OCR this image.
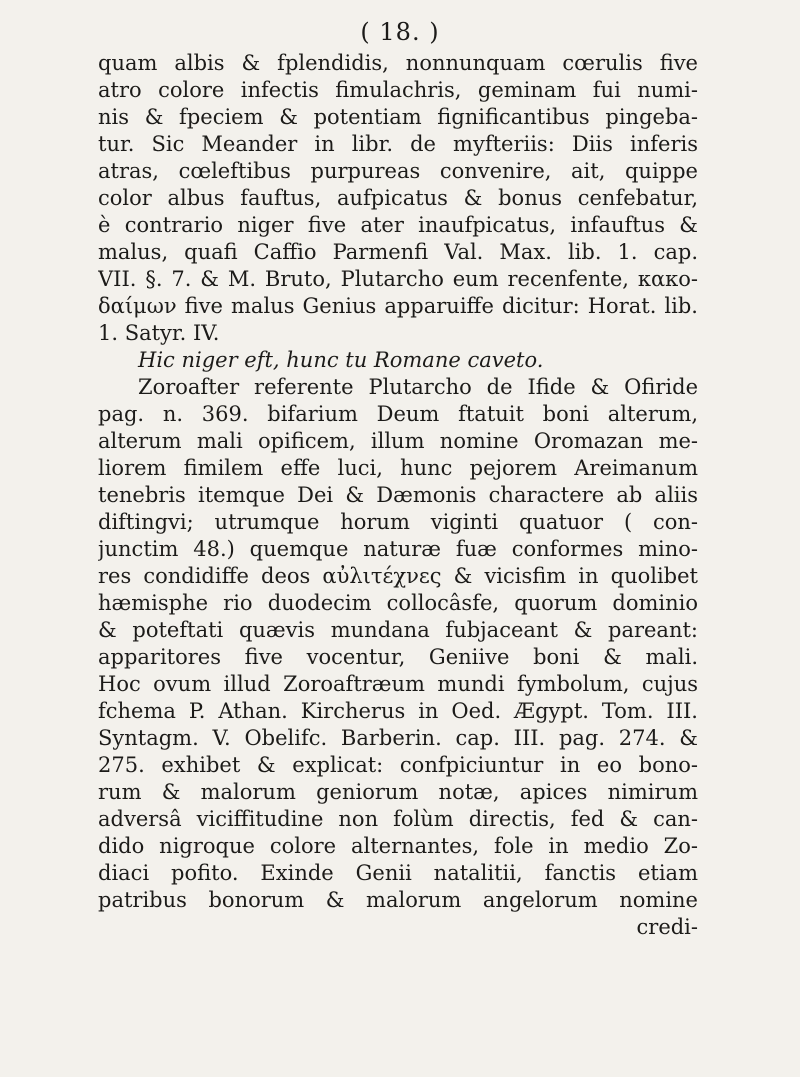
( 18. )
quam albis & fplendidis, nonnunquam cœrulis five
atro colore infectis fimulachris, geminam fui numi-
nis & fpeciem & potentiam fignificantibus pingeba-
tur. Sic Meander in libr. de myfteriis: Diis inferis
atras, cœleftibus purpureas convenire, ait, quippe
color albus fauftus, aufpicatus & bonus cenfebatur,
è contrario niger five ater inaufpicatus, infauftus &
malus, quafi Caffio Parmenfi Val. Max. lib. 1. cap.
VII. §. 7. & M. Bruto, Plutarcho eum recenfente, κακο-
δαίμων five malus Genius apparuiffe dicitur: Horat. lib.
1. Satyr. IV.
Hic niger eft, hunc tu Romane caveto.
Zoroafter referente Plutarcho de Ifide & Ofiride
pag. n. 369. bifarium Deum ftatuit boni alterum,
alterum mali opificem, illum nomine Oromazan me-
liorem fimilem effe luci, hunc pejorem Areimanum
tenebris itemque Dei & Dæmonis charactere ab aliis
diftingvi; utrumque horum viginti quatuor ( con-
junctim 48.) quemque naturæ fuæ conformes mino-
res condidiffe deos αὐλιτέχνες & vicisfim in quolibet
hæmisphe rio duodecim collocâsfe, quorum dominio
& poteftati quævis mundana fubjaceant & pareant:
apparitores five vocentur, Geniive boni & mali.
Hoc ovum illud Zoroaftræum mundi fymbolum, cujus
fchema P. Athan. Kircherus in Oed. Ægypt. Tom. III.
Syntagm. V. Obelifc. Barberin. cap. III. pag. 274. &
275. exhibet & explicat: confpiciuntur in eo bono-
rum & malorum geniorum notæ, apices nimirum
adversâ viciffitudine non folùm directis, fed & can-
dido nigroque colore alternantes, fole in medio Zo-
diaci pofito. Exinde Genii natalitii, fanctis etiam
patribus bonorum & malorum angelorum nomine
credi-
